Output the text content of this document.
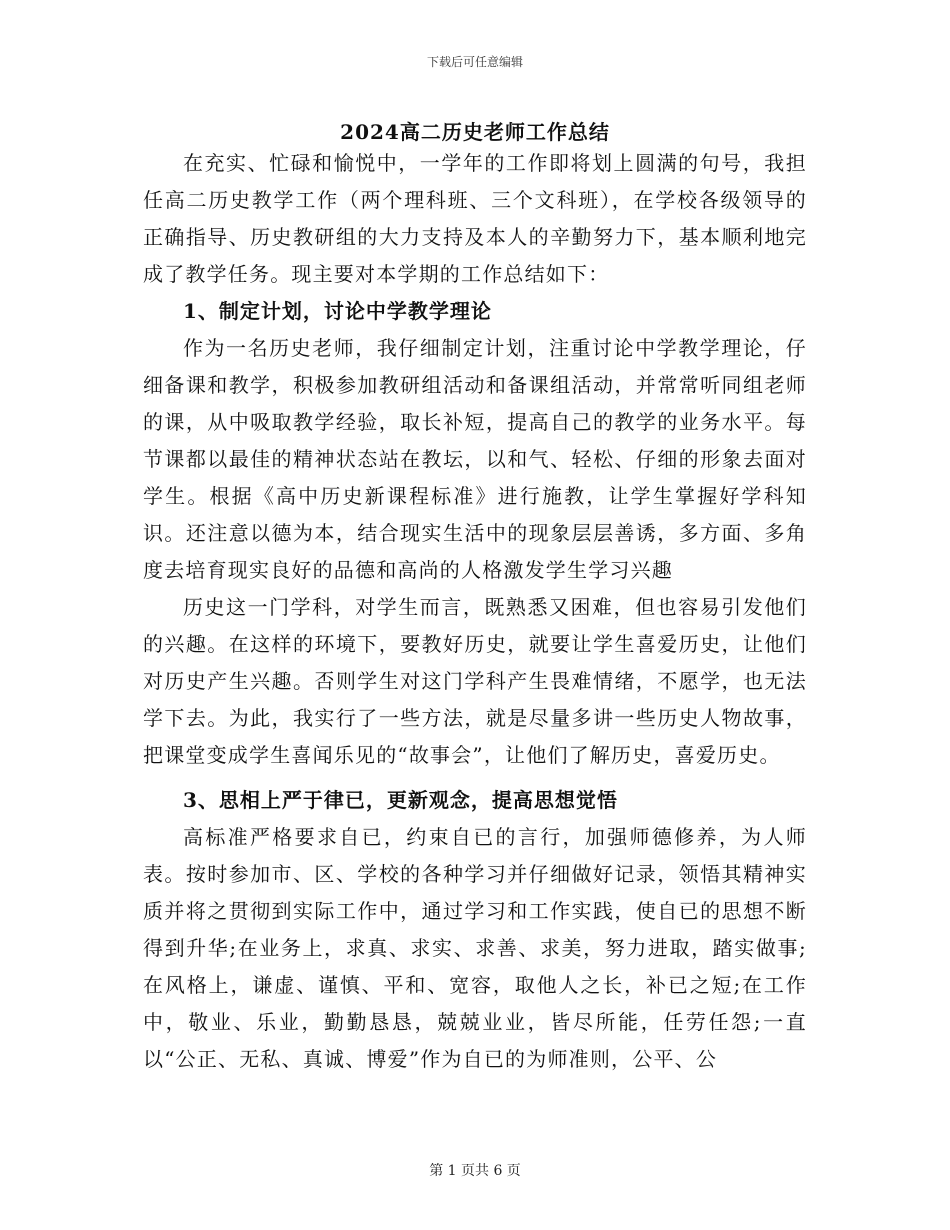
下载后可任意编辑
2024高二历史老师工作总结

在充实、忙碌和愉悦中，一学年的工作即将划上圆满的句号，我担任高二历史教学工作（两个理科班、三个文科班），在学校各级领导的正确指导、历史教研组的大力支持及本人的辛勤努力下，基本顺利地完成了教学任务。现主要对本学期的工作总结如下：

1、制定计划，讨论中学教学理论

作为一名历史老师，我仔细制定计划，注重讨论中学教学理论，仔细备课和教学，积极参加教研组活动和备课组活动，并常常听同组老师的课，从中吸取教学经验，取长补短，提高自己的教学的业务水平。每节课都以最佳的精神状态站在教坛，以和气、轻松、仔细的形象去面对学生。根据《高中历史新课程标准》进行施教，让学生掌握好学科知识。还注意以德为本，结合现实生活中的现象层层善诱，多方面、多角度去培育现实良好的品德和高尚的人格激发学生学习兴趣

历史这一门学科，对学生而言，既熟悉又困难，但也容易引发他们的兴趣。在这样的环境下，要教好历史，就要让学生喜爱历史，让他们对历史产生兴趣。否则学生对这门学科产生畏难情绪，不愿学，也无法学下去。为此，我实行了一些方法，就是尽量多讲一些历史人物故事，把课堂变成学生喜闻乐见的“故事会”，让他们了解历史，喜爱历史。

3、思相上严于律已，更新观念，提高思想觉悟

高标准严格要求自已，约束自已的言行，加强师德修养，为人师表。按时参加市、区、学校的各种学习并仔细做好记录，领悟其精神实质并将之贯彻到实际工作中，通过学习和工作实践，使自已的思想不断得到升华;在业务上，求真、求实、求善、求美，努力进取，踏实做事;在风格上，谦虚、谨慎、平和、宽容，取他人之长，补已之短;在工作中，敬业、乐业，勤勤恳恳，兢兢业业，皆尽所能，任劳任怨;一直以“公正、无私、真诚、博爱”作为自已的为师准则，公平、公

第 1 页共 6 页
